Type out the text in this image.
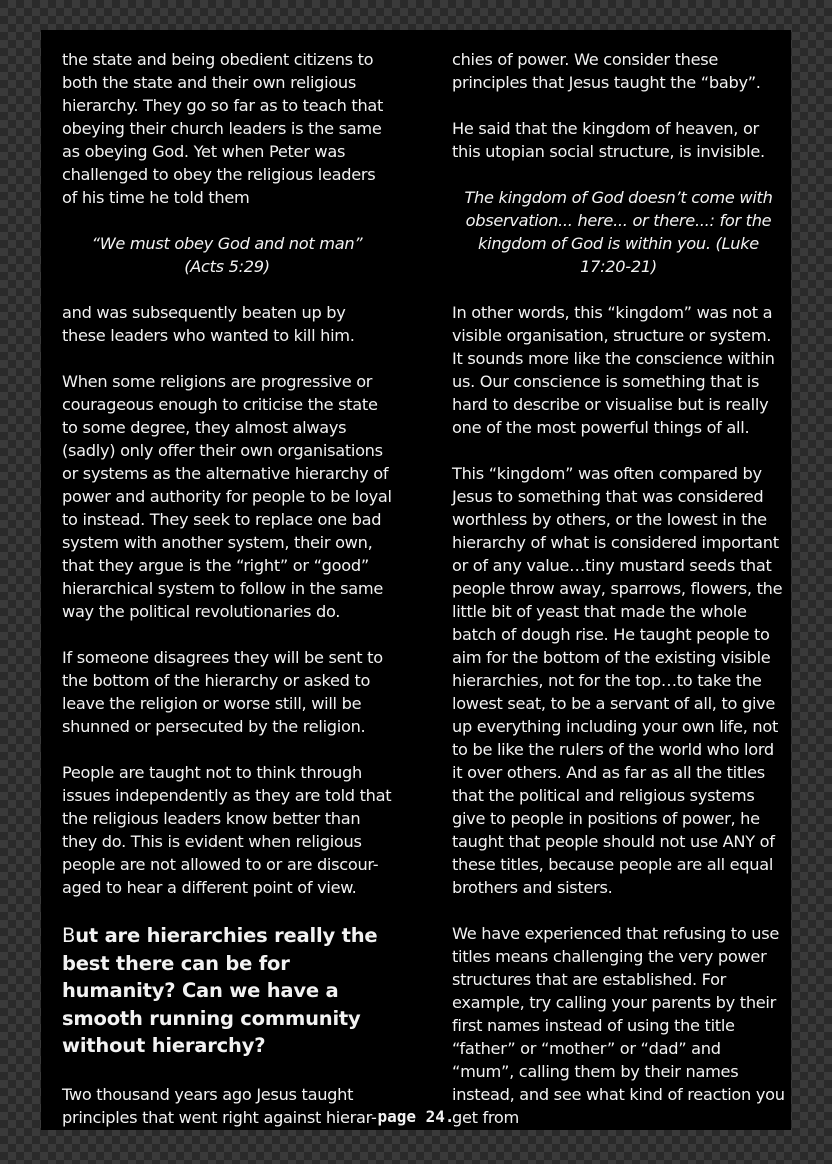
the state and being obedient citizens to both the state and their own religious hierarchy. They go so far as to teach that obeying their church leaders is the same as obeying God. Yet when Peter was challenged to obey the religious leaders of his time he told them

“We must obey God and not man”
(Acts 5:29)

and was subsequently beaten up by these leaders who wanted to kill him.

When some religions are progressive or courageous enough to criticise the state to some degree, they almost always (sadly) only offer their own organisations or systems as the alternative hierarchy of power and authority for people to be loyal to instead. They seek to replace one bad system with another system, their own, that they argue is the “right” or “good” hierarchical system to follow in the same way the political revolutionaries do.

If someone disagrees they will be sent to the bottom of the hierarchy or asked to leave the religion or worse still, will be shunned or persecuted by the religion.

People are taught not to think through issues independently as they are told that the religious leaders know better than they do. This is evident when religious people are not allowed to or are discour-aged to hear a different point of view.

But are hierarchies really the best there can be for humanity? Can we have a smooth running community without hierarchy?

Two thousand years ago Jesus taught principles that went right against hierar-

chies of power. We consider these principles that Jesus taught the “baby”.

He said that the kingdom of heaven, or this utopian social structure, is invisible.

The kingdom of God doesn’t come with observation... here... or there...: for the kingdom of God is within you. (Luke 17:20-21)

In other words, this “kingdom” was not a visible organisation, structure or system. It sounds more like the conscience within us. Our conscience is something that is hard to describe or visualise but is really one of the most powerful things of all.

This “kingdom” was often compared by Jesus to something that was considered worthless by others, or the lowest in the hierarchy of what is considered important or of any value…tiny mustard seeds that people throw away, sparrows, flowers, the little bit of yeast that made the whole batch of dough rise. He taught people to aim for the bottom of the existing visible hierarchies, not for the top…to take the lowest seat, to be a servant of all, to give up everything including your own life, not to be like the rulers of the world who lord it over others. And as far as all the titles that the political and religious systems give to people in positions of power, he taught that people should not use ANY of these titles, because people are all equal brothers and sisters.

We have experienced that refusing to use titles means challenging the very power structures that are established. For example, try calling your parents by their first names instead of using the title “father” or “mother” or “dad” and “mum”, calling them by their names instead, and see what kind of reaction you get from

page 24.
